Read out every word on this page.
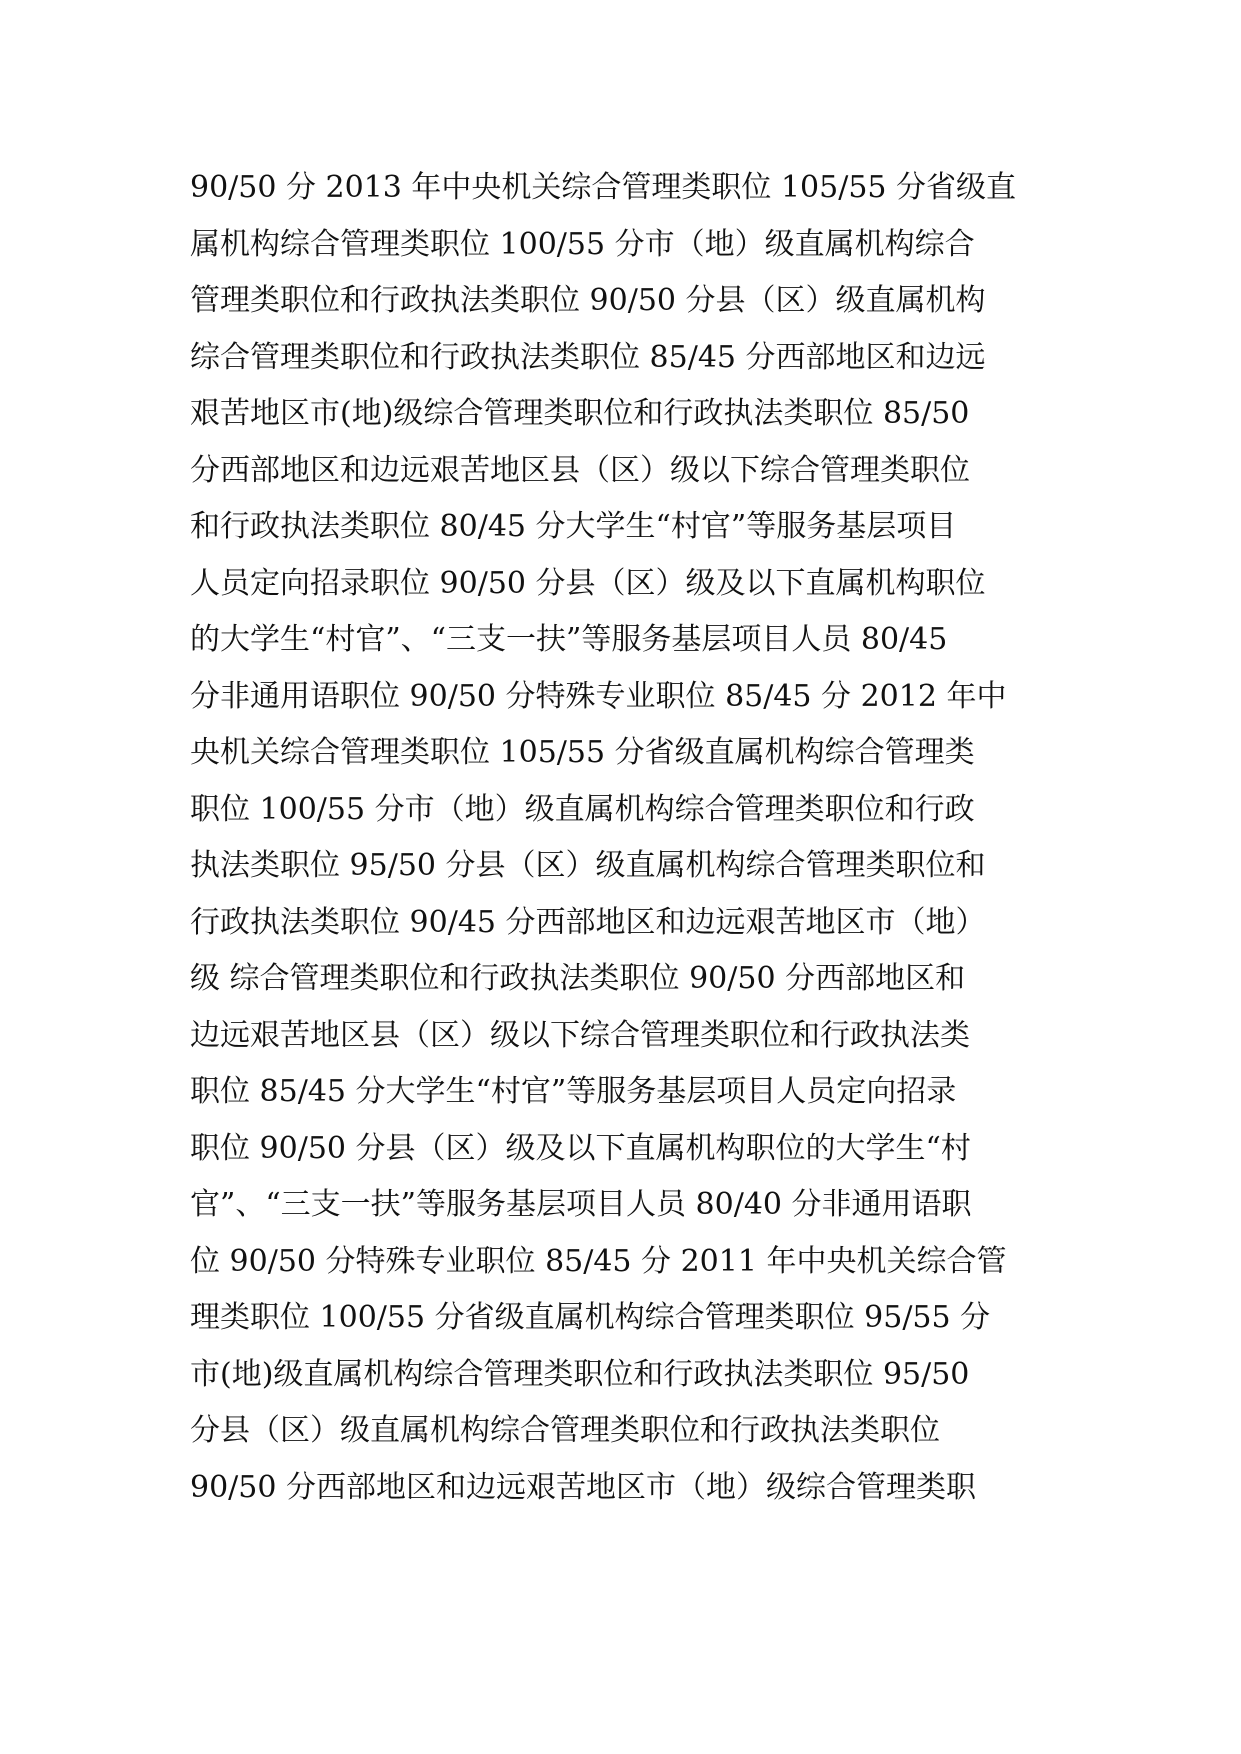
90/50 分 2013 年中央机关综合管理类职位 105/55 分省级直
属机构综合管理类职位 100/55 分市（地）级直属机构综合
管理类职位和行政执法类职位 90/50 分县（区）级直属机构
综合管理类职位和行政执法类职位 85/45 分西部地区和边远
艰苦地区市(地)级综合管理类职位和行政执法类职位 85/50
分西部地区和边远艰苦地区县（区）级以下综合管理类职位
和行政执法类职位 80/45 分大学生“村官”等服务基层项目
人员定向招录职位 90/50 分县（区）级及以下直属机构职位
的大学生“村官”、“三支一扶”等服务基层项目人员 80/45
分非通用语职位 90/50 分特殊专业职位 85/45 分 2012 年中
央机关综合管理类职位 105/55 分省级直属机构综合管理类
职位 100/55 分市（地）级直属机构综合管理类职位和行政
执法类职位 95/50 分县（区）级直属机构综合管理类职位和
行政执法类职位 90/45 分西部地区和边远艰苦地区市（地）
级 综合管理类职位和行政执法类职位 90/50 分西部地区和
边远艰苦地区县（区）级以下综合管理类职位和行政执法类
职位 85/45 分大学生“村官”等服务基层项目人员定向招录
职位 90/50 分县（区）级及以下直属机构职位的大学生“村
官”、“三支一扶”等服务基层项目人员 80/40 分非通用语职
位 90/50 分特殊专业职位 85/45 分 2011 年中央机关综合管
理类职位 100/55 分省级直属机构综合管理类职位 95/55 分
市(地)级直属机构综合管理类职位和行政执法类职位 95/50
分县（区）级直属机构综合管理类职位和行政执法类职位
90/50 分西部地区和边远艰苦地区市（地）级综合管理类职
